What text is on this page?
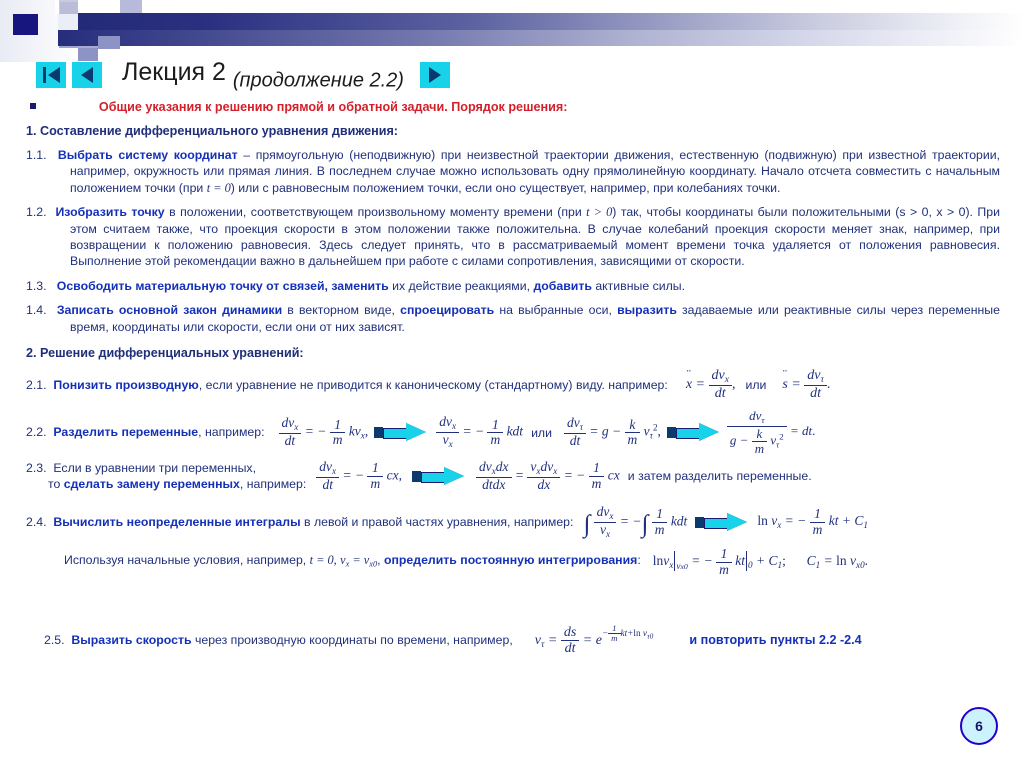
Лекция 2 $_{(продолжение 2.2)}$
Общие указания к решению прямой и обратной задачи. Порядок решения:
1. Составление дифференциального уравнения движения:
1.1. Выбрать систему координат – прямоугольную (неподвижную) при неизвестной траектории движения, естественную (подвижную) при известной траектории, например, окружность или прямая линия. В последнем случае можно использовать одну прямолинейную координату. Начало отсчета совместить с начальным положением точки (при t = 0) или с равновесным положением точки, если оно существует, например, при колебаниях точки.
1.2. Изобразить точку в положении, соответствующем произвольному моменту времени (при t > 0) так, чтобы координаты были положительными (s > 0, x > 0). При этом считаем также, что проекция скорости в этом положении также положительна. В случае колебаний проекция скорости меняет знак, например, при возвращении к положению равновесия. Здесь следует принять, что в рассматриваемый момент времени точка удаляется от положения равновесия. Выполнение этой рекомендации важно в дальнейшем при работе с силами сопротивления, зависящими от скорости.
1.3. Освободить материальную точку от связей, заменить их действие реакциями, добавить активные силы.
1.4. Записать основной закон динамики в векторном виде, спроецировать на выбранные оси, выразить задаваемые или реактивные силы через переменные время, координаты или скорости, если они от них зависят.
2. Решение дифференциальных уравнений:
2.1. Понизить производную, если уравнение не приводится к каноническому (стандартному) виду. например: x ¨ = $\frac{dv_x}{dt}$ , или s ¨ = $\frac{dv_\tau}{dt}$ .
2.2. Разделить переменные, например: $\frac{dv_x}{dt}$ = − $\frac{1}{m} kv_x$,	$\frac{dv_x}{v_x}$ = − $\frac{1}{m}$ kdt или $\frac{dv_\tau}{dt} = g - \frac{k}{m} v_\tau^2$,	$\frac{dv_\tau}{g - \frac{k}{m} v_\tau^2}$ = dt.
2.3. Если в уравнении три переменных,
то сделать замену переменных, например: $\frac{dv_x}{dt}$ = − $\frac{1}{m}$ cx,	$\frac{dv_xdx}{\text{dtdx}} = \frac{v_xdv_x}{dx}$ = − $\frac{1}{m}$ cx и затем разделить переменные.
2.4. Вычислить неопределенные интегралы в левой и правой частях уравнения, например: ∫ $\frac{dv_x}{v_x}$ = −∫ $\frac{1}{m}$ kdt	$\ln v_x$ = − $\frac{1}{m}$ kt + $C_1$
Используя начальные условия, например, t = 0, $v_x = v_{x0}$, определить постоянную интегрирования: lnv$_x$ $_{vx0}$ = − $\frac{1}{m}$ kt $_0 + C_1$;  $C_1 = \ln v_{x0}$.
2.5. Выразить скорость через производную координаты по времени, например, $v_\tau = \frac{ds}{dt} = e- \frac{1}{m} kt+\ln$ $v_{\tau 0}$	и повторить пункты 2.2 -2.4
6
